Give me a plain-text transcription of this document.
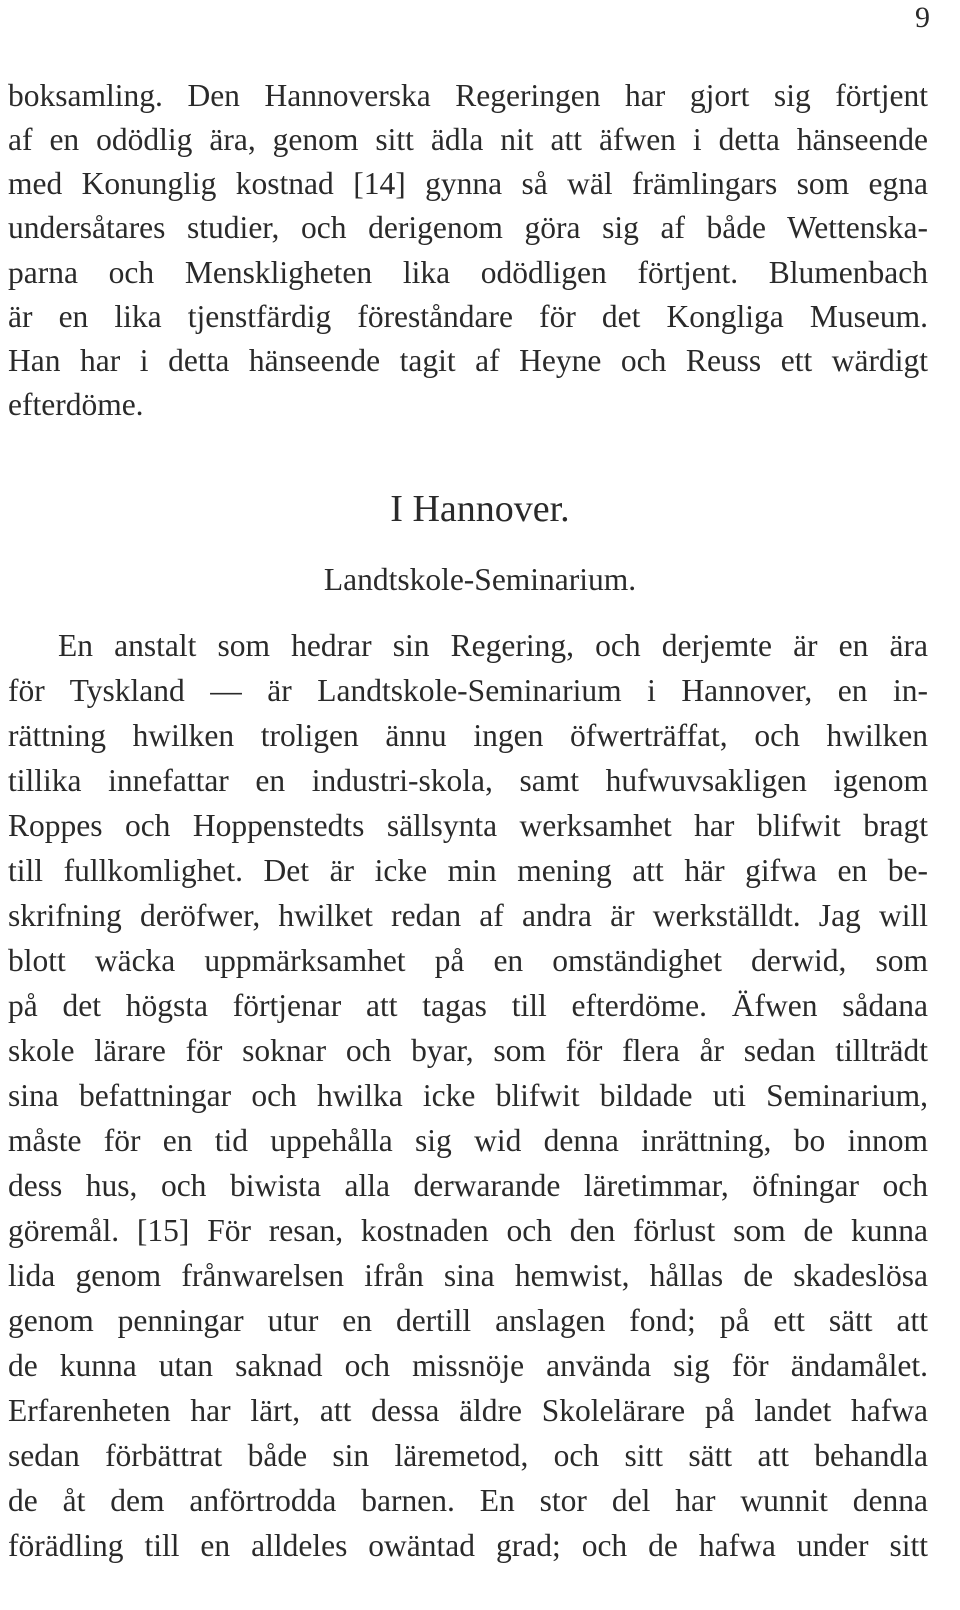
9
boksamling. Den Hannoverska Regeringen har gjort sig förtjent
af en odödlig ära, genom sitt ädla nit att äfwen i detta hänseende
med Konunglig kostnad [14] gynna så wäl främlingars som egna
undersåtares studier, och derigenom göra sig af både Wettenska-
parna och Menskligheten lika odödligen förtjent. Blumenbach
är en lika tjenstfärdig föreståndare för det Kongliga Museum.
Han har i detta hänseende tagit af Heyne och Reuss ett wärdigt
efterdöme.
I Hannover.
Landtskole-Seminarium.
En anstalt som hedrar sin Regering, och derjemte är en ära
för Tyskland — är Landtskole-Seminarium i Hannover, en in-
rättning hwilken troligen ännu ingen öfwerträffat, och hwilken
tillika innefattar en industri-skola, samt hufwuvsakligen igenom
Roppes och Hoppenstedts sällsynta werksamhet har blifwit bragt
till fullkomlighet. Det är icke min mening att här gifwa en be-
skrifning deröfwer, hwilket redan af andra är werkställdt. Jag will
blott wäcka uppmärksamhet på en omständighet derwid, som
på det högsta förtjenar att tagas till efterdöme. Äfwen sådana
skole lärare för soknar och byar, som för flera år sedan tillträdt
sina befattningar och hwilka icke blifwit bildade uti Seminarium,
måste för en tid uppehålla sig wid denna inrättning, bo innom
dess hus, och biwista alla derwarande läretimmar, öfningar och
göremål. [15] För resan, kostnaden och den förlust som de kunna
lida genom frånwarelsen ifrån sina hemwist, hållas de skadeslösa
genom penningar utur en dertill anslagen fond; på ett sätt att
de kunna utan saknad och missnöje använda sig för ändamålet.
Erfarenheten har lärt, att dessa äldre Skolelärare på landet hafwa
sedan förbättrat både sin läremetod, och sitt sätt att behandla
de åt dem anförtrodda barnen. En stor del har wunnit denna
förädling till en alldeles owäntad grad; och de hafwa under sitt
